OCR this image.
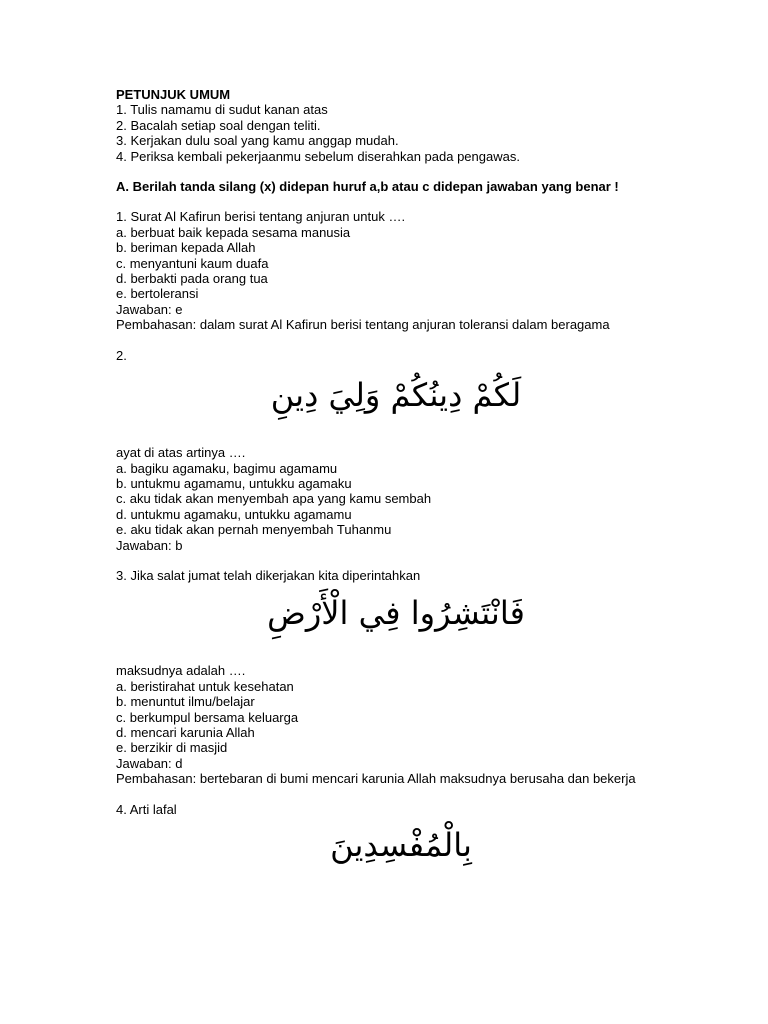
PETUNJUK UMUM
1. Tulis namamu di sudut kanan atas
2. Bacalah setiap soal dengan teliti.
3. Kerjakan dulu soal yang kamu anggap mudah.
4. Periksa kembali pekerjaanmu sebelum diserahkan pada pengawas.
A. Berilah tanda silang (x) didepan huruf a,b atau c didepan jawaban yang benar !
1. Surat Al Kafirun berisi tentang anjuran untuk ….
a. berbuat baik kepada sesama manusia
b. beriman kepada Allah
c. menyantuni kaum duafa
d. berbakti pada orang tua
e. bertoleransi
Jawaban: e
Pembahasan: dalam surat Al Kafirun berisi tentang anjuran toleransi dalam beragama
2.
لَكُمْ دِينُكُمْ وَلِيَ دِينِ
ayat di atas artinya ….
a. bagiku agamaku, bagimu agamamu
b. untukmu agamamu, untukku agamaku
c. aku tidak akan menyembah apa yang kamu sembah
d. untukmu agamaku, untukku agamamu
e. aku tidak akan pernah menyembah Tuhanmu
Jawaban: b
3. Jika salat jumat telah dikerjakan kita diperintahkan
فَانْتَشِرُوا فِي الْأَرْضِ
maksudnya adalah ….
a. beristirahat untuk kesehatan
b. menuntut ilmu/belajar
c. berkumpul bersama keluarga
d. mencari karunia Allah
e. berzikir di masjid
Jawaban: d
Pembahasan: bertebaran di bumi mencari karunia Allah maksudnya berusaha dan bekerja
4. Arti lafal
بِالْمُفْسِدِينَ
